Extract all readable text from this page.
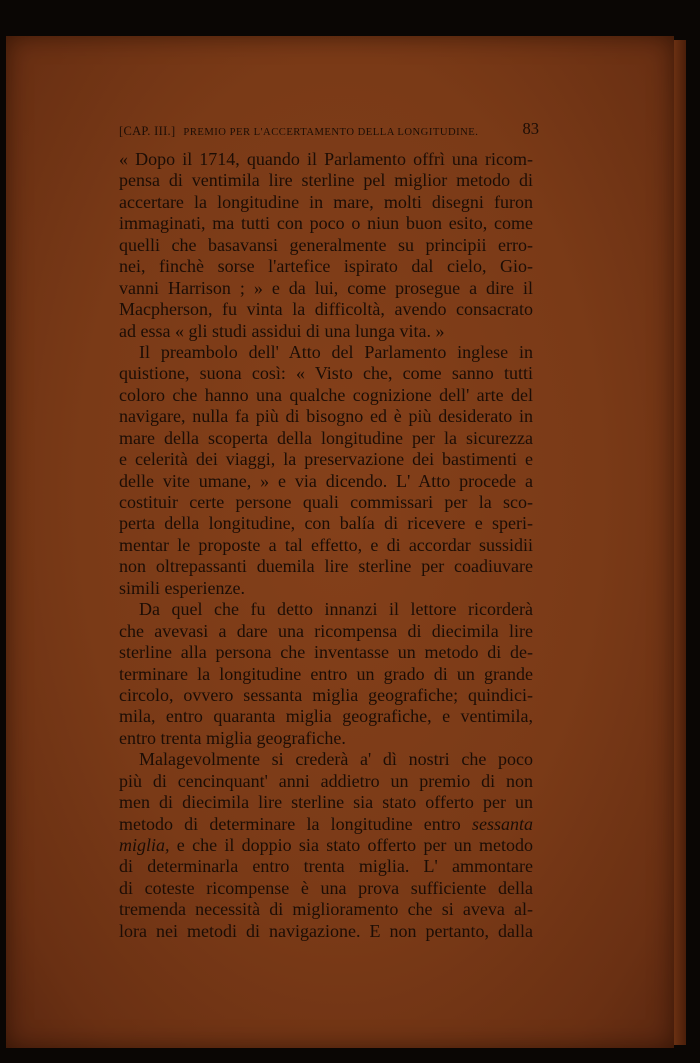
[CAP. III.] PREMIO PER L'ACCERTAMENTO DELLA LONGITUDINE.	83
« Dopo il 1714, quando il Parlamento offrì una ricom-
pensa di ventimila lire sterline pel miglior metodo di
accertare la longitudine in mare, molti disegni furon
immaginati, ma tutti con poco o niun buon esito, come
quelli che basavansi generalmente su principii erro-
nei, finchè sorse l'artefice ispirato dal cielo, Gio-
vanni Harrison ; » e da lui, come prosegue a dire il
Macpherson, fu vinta la difficoltà, avendo consacrato
ad essa « gli studi assidui di una lunga vita. »
Il preambolo dell' Atto del Parlamento inglese in
quistione, suona così: « Visto che, come sanno tutti
coloro che hanno una qualche cognizione dell' arte del
navigare, nulla fa più di bisogno ed è più desiderato in
mare della scoperta della longitudine per la sicurezza
e celerità dei viaggi, la preservazione dei bastimenti e
delle vite umane, » e via dicendo. L' Atto procede a
costituir certe persone quali commissari per la sco-
perta della longitudine, con balía di ricevere e speri-
mentar le proposte a tal effetto, e di accordar sussidii
non oltrepassanti duemila lire sterline per coadiuvare
simili esperienze.
Da quel che fu detto innanzi il lettore ricorderà
che avevasi a dare una ricompensa di diecimila lire
sterline alla persona che inventasse un metodo di de-
terminare la longitudine entro un grado di un grande
circolo, ovvero sessanta miglia geografiche; quindici-
mila, entro quaranta miglia geografiche, e ventimila,
entro trenta miglia geografiche.
Malagevolmente si crederà a' dì nostri che poco
più di cencinquant' anni addietro un premio di non
men di diecimila lire sterline sia stato offerto per un
metodo di determinare la longitudine entro sessanta
miglia, e che il doppio sia stato offerto per un metodo
di determinarla entro trenta miglia. L' ammontare
di coteste ricompense è una prova sufficiente della
tremenda necessità di miglioramento che si aveva al-
lora nei metodi di navigazione. E non pertanto, dalla
